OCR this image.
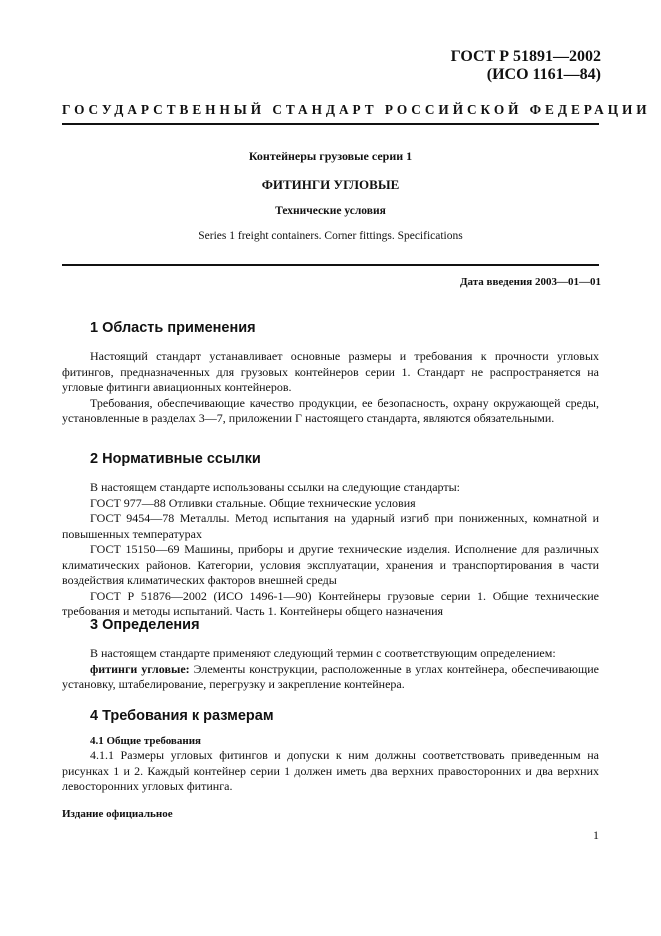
ГОСТ Р 51891—2002
(ИСО 1161—84)
ГОСУДАРСТВЕННЫЙ СТАНДАРТ РОССИЙСКОЙ ФЕДЕРАЦИИ
Контейнеры грузовые серии 1
ФИТИНГИ УГЛОВЫЕ
Технические условия
Series 1 freight containers. Corner fittings. Specifications
Дата введения 2003—01—01
1 Область применения

Настоящий стандарт устанавливает основные размеры и требования к прочности угловых фитингов, предназначенных для грузовых контейнеров серии 1. Стандарт не распространяется на угловые фитинги авиационных контейнеров.

Требования, обеспечивающие качество продукции, ее безопасность, охрану окружающей среды, установленные в разделах 3—7, приложении Г настоящего стандарта, являются обязательными.

2 Нормативные ссылки

В настоящем стандарте использованы ссылки на следующие стандарты:

ГОСТ 977—88 Отливки стальные. Общие технические условия

ГОСТ 9454—78 Металлы. Метод испытания на ударный изгиб при пониженных, комнатной и повышенных температурах

ГОСТ 15150—69 Машины, приборы и другие технические изделия. Исполнение для различных климатических районов. Категории, условия эксплуатации, хранения и транспортирования в части воздействия климатических факторов внешней среды

ГОСТ Р 51876—2002 (ИСО 1496-1—90) Контейнеры грузовые серии 1. Общие технические требования и методы испытаний. Часть 1. Контейнеры общего назначения

3 Определения

В настоящем стандарте применяют следующий термин с соответствующим определением:

фитинги угловые: Элементы конструкции, расположенные в углах контейнера, обеспечивающие установку, штабелирование, перегрузку и закрепление контейнера.

4 Требования к размерам

4.1 Общие требования

4.1.1 Размеры угловых фитингов и допуски к ним должны соответствовать приведенным на рисунках 1 и 2. Каждый контейнер серии 1 должен иметь два верхних правосторонних и два верхних левосторонних угловых фитинга.

Издание официальное
1
